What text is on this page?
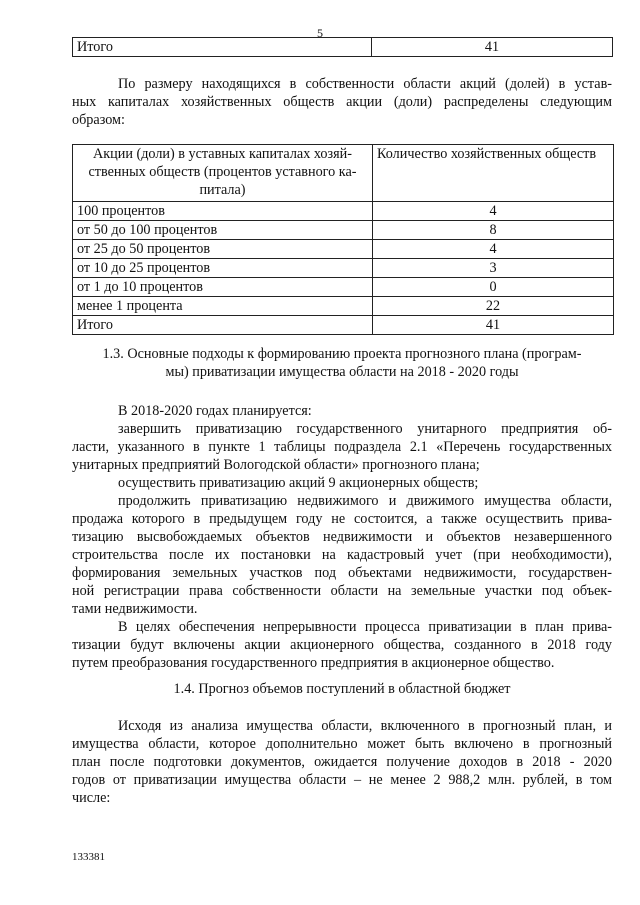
5
Итого	41
По размеру находящихся в собственности области акций (долей) в устав-
ных капиталах хозяйственных обществ акции (доли) распределены следующим
образом:
Акции (доли) в уставных капиталах хозяй-
ственных обществ (процентов уставного ка-
питала)	Количество хозяйственных обществ
100 процентов	4
от 50 до 100 процентов	8
от 25 до 50 процентов	4
от 10 до 25 процентов	3
от 1 до 10 процентов	0
менее 1 процента	22
Итого	41
1.3. Основные подходы к формированию проекта прогнозного плана (програм-
мы) приватизации имущества области на 2018 - 2020 годы
В 2018-2020 годах планируется:
завершить приватизацию государственного унитарного предприятия об-
ласти, указанного в пункте 1 таблицы подраздела 2.1 «Перечень государственных
унитарных предприятий Вологодской области» прогнозного плана;
осуществить приватизацию акций 9 акционерных обществ;
продолжить приватизацию недвижимого и движимого имущества области,
продажа которого в предыдущем году не состоится, а также осуществить прива-
тизацию высвобождаемых объектов недвижимости и объектов незавершенного
строительства после их постановки на кадастровый учет (при необходимости),
формирования земельных участков под объектами недвижимости, государствен-
ной регистрации права собственности области на земельные участки под объек-
тами недвижимости.
В целях обеспечения непрерывности процесса приватизации в план прива-
тизации будут включены акции акционерного общества, созданного в 2018 году
путем преобразования государственного предприятия в акционерное общество.
1.4. Прогноз объемов поступлений в областной бюджет
Исходя из анализа имущества области, включенного в прогнозный план, и
имущества области, которое дополнительно может быть включено в прогнозный
план после подготовки документов, ожидается получение доходов в 2018 - 2020
годов от приватизации имущества области – не менее 2 988,2 млн. рублей, в том
числе:
133381
